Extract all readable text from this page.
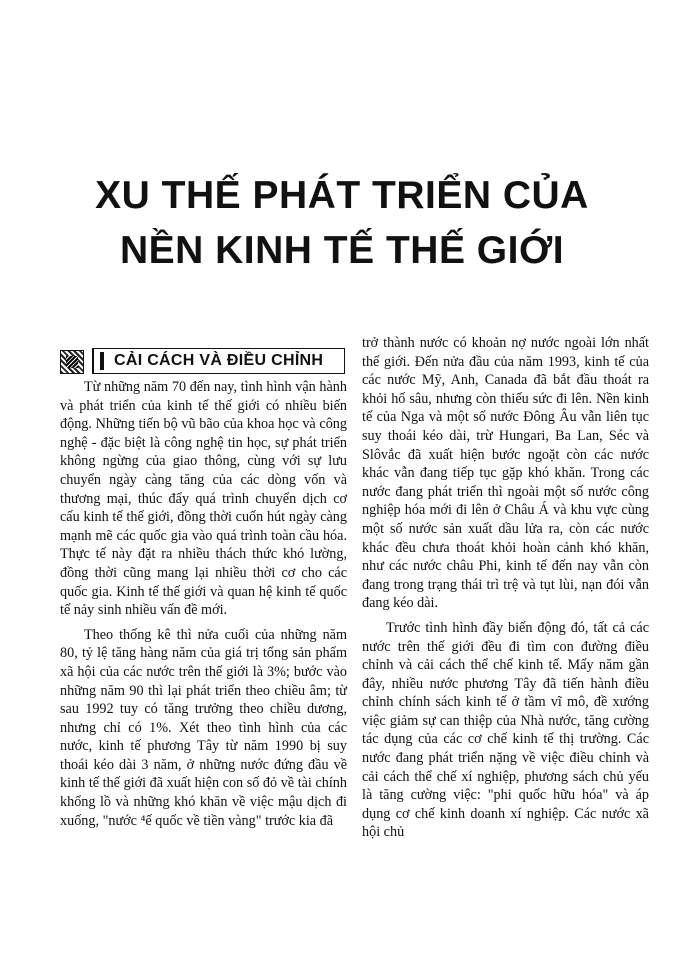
XU THẾ PHÁT TRIỂN CỦA
NỀN KINH TẾ THẾ GIỚI
CẢI CÁCH VÀ ĐIỀU CHỈNH

Từ những năm 70 đến nay, tình hình vận hành và phát triển của kinh tế thế giới có nhiều biến động. Những tiến bộ vũ bão của khoa học và công nghệ - đặc biệt là công nghệ tin học, sự phát triển không ngừng của giao thông, cùng với sự lưu chuyển ngày càng tăng của các dòng vốn và thương mại, thúc đẩy quá trình chuyển dịch cơ cấu kinh tế thế giới, đồng thời cuốn hút ngày càng mạnh mẽ các quốc gia vào quá trình toàn cầu hóa. Thực tế này đặt ra nhiều thách thức khó lường, đồng thời cũng mang lại nhiều thời cơ cho các quốc gia. Kinh tế thế giới và quan hệ kinh tế quốc tế nảy sinh nhiều vấn đề mới.

Theo thống kê thì nửa cuối của những năm 80, tỷ lệ tăng hàng năm của giá trị tổng sản phẩm xã hội của các nước trên thế giới là 3%; bước vào những năm 90 thì lại phát triển theo chiều âm; từ sau 1992 tuy có tăng trưởng theo chiều dương, nhưng chỉ có 1%. Xét theo tình hình của các nước, kinh tế phương Tây từ năm 1990 bị suy thoái kéo dài 3 năm, ở những nước đứng đầu về kinh tế thế giới đã xuất hiện con số đỏ về tài chính khổng lồ và những khó khăn về việc mậu dịch đi xuống, "nước ⁴ế quốc về tiền vàng" trước kia đã

trở thành nước có khoản nợ nước ngoài lớn nhất thế giới. Đến nửa đầu của năm 1993, kinh tế của các nước Mỹ, Anh, Canada đã bắt đầu thoát ra khỏi hố sâu, nhưng còn thiếu sức đi lên. Nền kinh tế của Nga và một số nước Đông Âu vẫn liên tục suy thoái kéo dài, trừ Hungari, Ba Lan, Séc và Slôvắc đã xuất hiện bước ngoặt còn các nước khác vẫn đang tiếp tục gặp khó khăn. Trong các nước đang phát triển thì ngoài một số nước công nghiệp hóa mới đi lên ở Châu Á và khu vực cùng một số nước sản xuất dầu lửa ra, còn các nước khác đều chưa thoát khỏi hoàn cảnh khó khăn, như các nước châu Phi, kinh tế đến nay vẫn còn đang trong trạng thái trì trệ và tụt lùi, nạn đói vẫn đang kéo dài.

Trước tình hình đầy biến động đó, tất cả các nước trên thế giới đều đi tìm con đường điều chỉnh và cải cách thể chế kinh tế. Mấy năm gần đây, nhiều nước phương Tây đã tiến hành điều chỉnh chính sách kinh tế ở tầm vĩ mô, đề xướng việc giảm sự can thiệp của Nhà nước, tăng cường tác dụng của các cơ chế kinh tế thị trường. Các nước đang phát triển nặng về việc điều chỉnh và cải cách thể chế xí nghiệp, phương sách chủ yếu là tăng cường việc: "phi quốc hữu hóa" và áp dụng cơ chế kinh doanh xí nghiệp. Các nước xã hội chủ
